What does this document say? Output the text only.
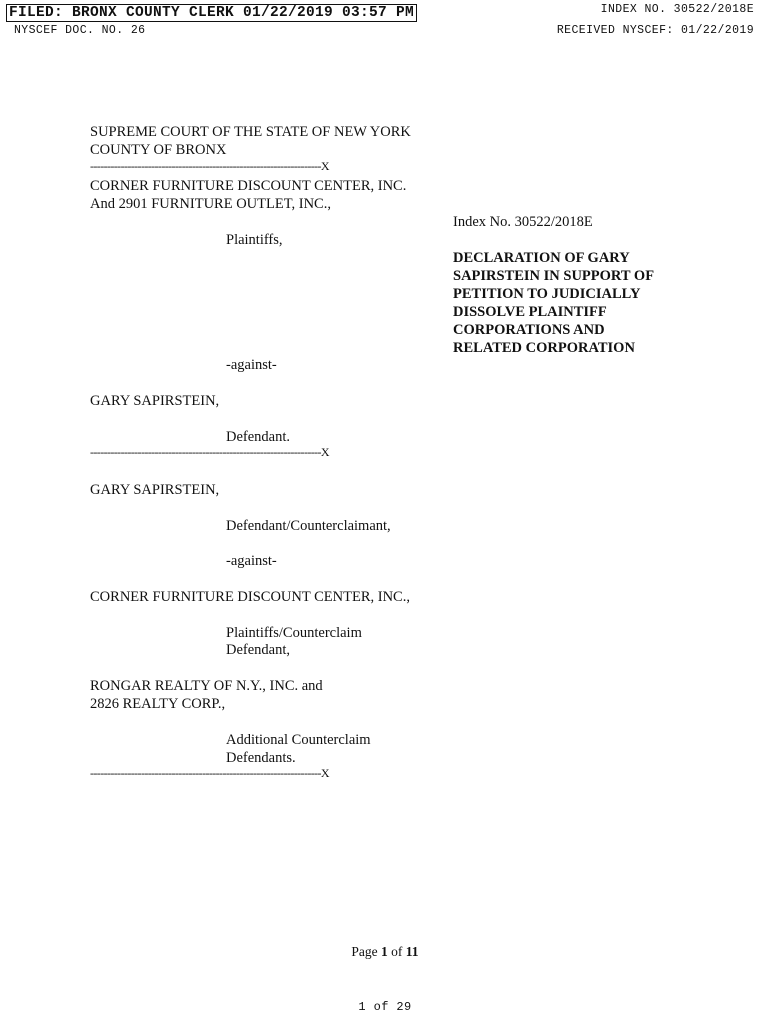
FILED: BRONX COUNTY CLERK 01/22/2019 03:57 PM
NYSCEF DOC. NO. 26
INDEX NO. 30522/2018E
RECEIVED NYSCEF: 01/22/2019
SUPREME COURT OF THE STATE OF NEW YORK
COUNTY OF BRONX
--------------------------------------------------------------------X
CORNER FURNITURE DISCOUNT CENTER, INC.
And 2901 FURNITURE OUTLET, INC.,
Plaintiffs,
-against-
GARY SAPIRSTEIN,
Defendant.
--------------------------------------------------------------------X
GARY SAPIRSTEIN,
Defendant/Counterclaimant,
-against-
CORNER FURNITURE DISCOUNT CENTER, INC.,
Plaintiffs/Counterclaim
Defendant,
RONGAR REALTY OF N.Y., INC. and
2826 REALTY CORP.,
Additional Counterclaim
Defendants.
--------------------------------------------------------------------X
Index No. 30522/2018E
DECLARATION OF GARY
SAPIRSTEIN IN SUPPORT OF
PETITION TO JUDICIALLY
DISSOLVE PLAINTIFF
CORPORATIONS AND
RELATED CORPORATION
Page 1 of 11
1 of 29
